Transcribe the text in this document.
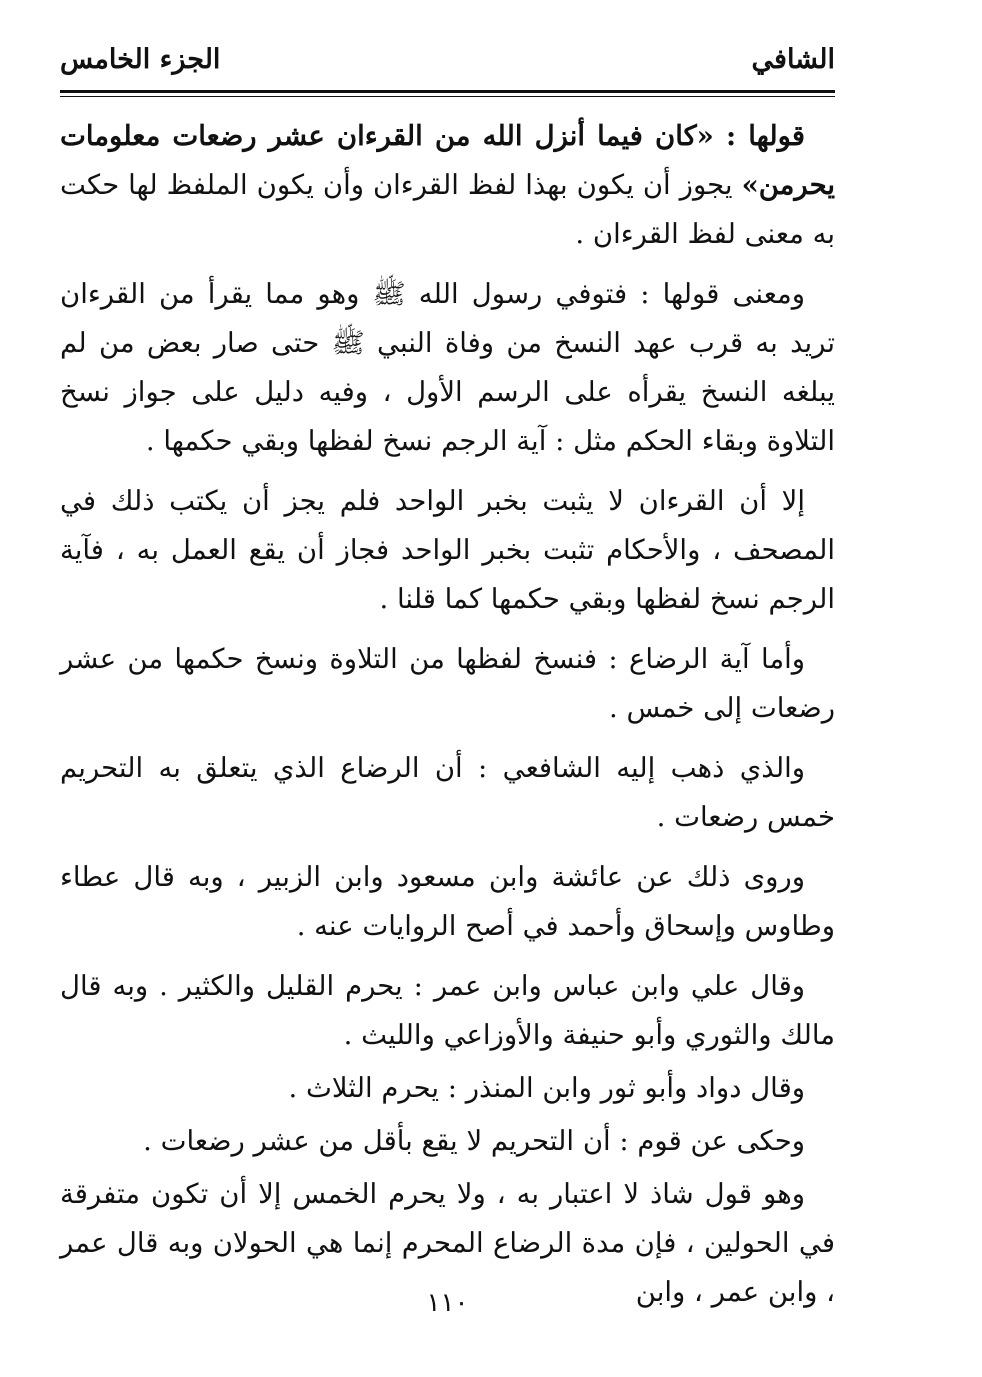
الشافي
الجزء الخامس

قولها : «كان فيما أنزل الله من القرءان عشر رضعات معلومات يحرمن» يجوز أن يكون بهذا لفظ القرءان وأن يكون الملفظ لها حكت به معنى لفظ القرءان .

ومعنى قولها : فتوفي رسول الله ﷺ وهو مما يقرأ من القرءان تريد به قرب عهد النسخ من وفاة النبي ﷺ حتى صار بعض من لم يبلغه النسخ يقرأه على الرسم الأول ، وفيه دليل على جواز نسخ التلاوة وبقاء الحكم مثل : آية الرجم نسخ لفظها وبقي حكمها .

إلا أن القرءان لا يثبت بخبر الواحد فلم يجز أن يكتب ذلك في المصحف ، والأحكام تثبت بخبر الواحد فجاز أن يقع العمل به ، فآية الرجم نسخ لفظها وبقي حكمها كما قلنا .

وأما آية الرضاع : فنسخ لفظها من التلاوة ونسخ حكمها من عشر رضعات إلى خمس .

والذي ذهب إليه الشافعي : أن الرضاع الذي يتعلق به التحريم خمس رضعات .

وروى ذلك عن عائشة وابن مسعود وابن الزبير ، وبه قال عطاء وطاوس وإسحاق وأحمد في أصح الروايات عنه .

وقال علي وابن عباس وابن عمر : يحرم القليل والكثير . وبه قال مالك والثوري وأبو حنيفة والأوزاعي والليث .

وقال دواد وأبو ثور وابن المنذر : يحرم الثلاث .

وحكى عن قوم : أن التحريم لا يقع بأقل من عشر رضعات .

وهو قول شاذ لا اعتبار به ، ولا يحرم الخمس إلا أن تكون متفرقة في الحولين ، فإن مدة الرضاع المحرم إنما هي الحولان وبه قال عمر ، وابن عمر ، وابن

١١٠
